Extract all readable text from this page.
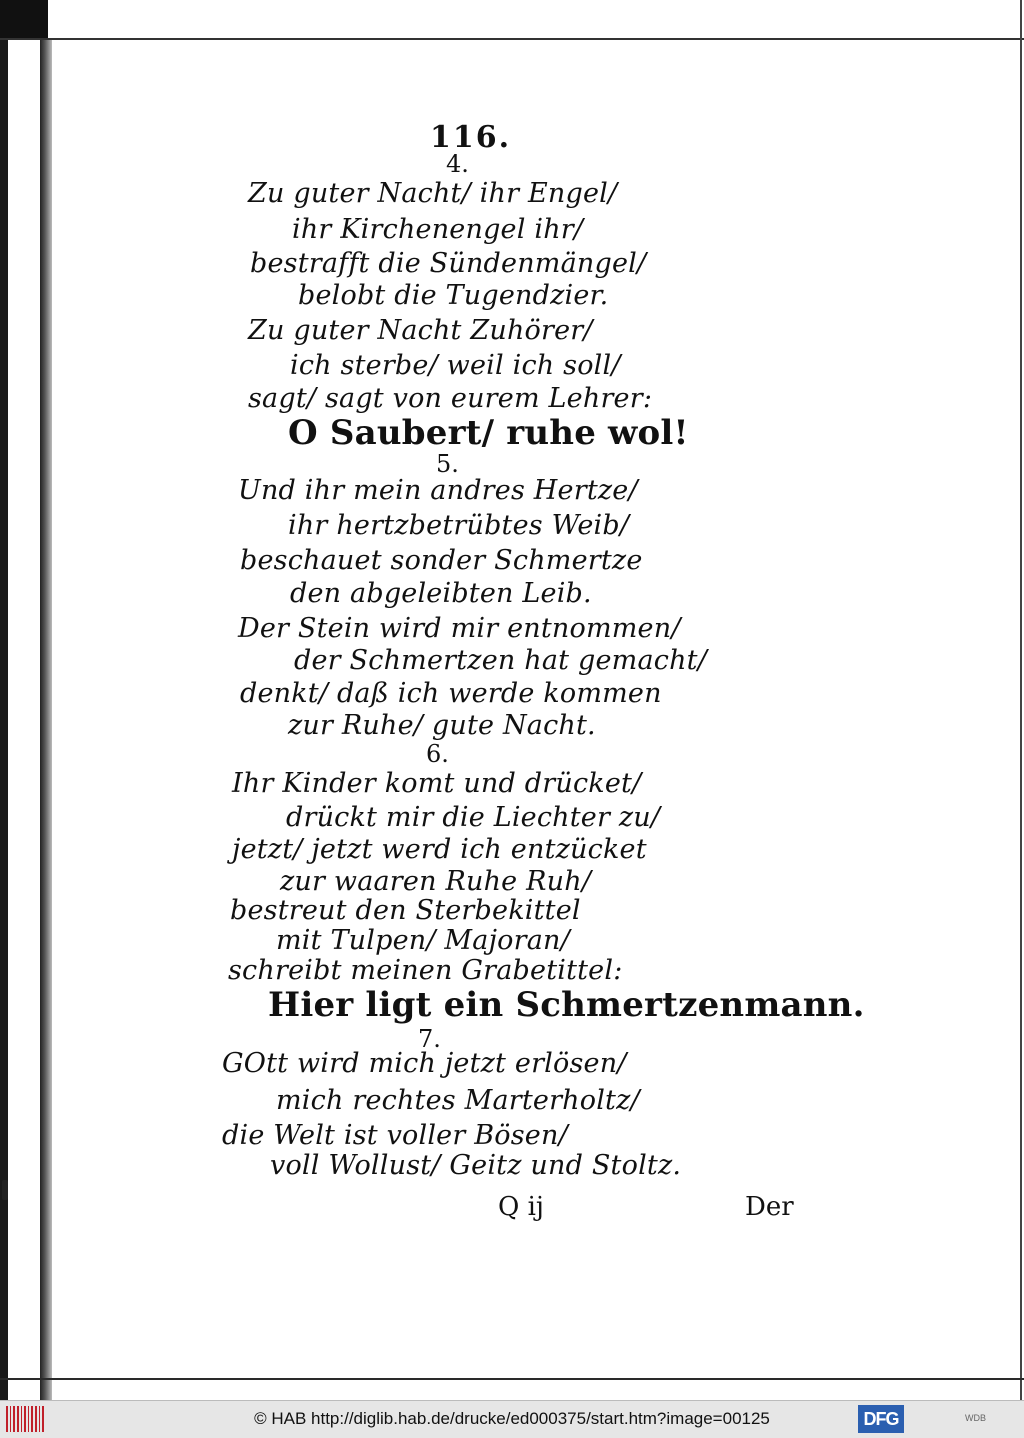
116.
4.
Zu guter Nacht/ ihr Engel/
ihr Kirchenengel ihr/
bestrafft die Sündenmängel/
belobt die Tugendzier.
Zu guter Nacht Zuhörer/
ich sterbe/ weil ich soll/
sagt/ sagt von eurem Lehrer:
O Saubert/ ruhe wol!
5.
Und ihr mein andres Hertze/
ihr hertzbetrübtes Weib/
beschauet sonder Schmertze
den abgeleibten Leib.
Der Stein wird mir entnommen/
der Schmertzen hat gemacht/
denkt/ daß ich werde kommen
zur Ruhe/ gute Nacht.
6.
Ihr Kinder komt und drücket/
drückt mir die Liechter zu/
jetzt/ jetzt werd ich entzücket
zur waaren Ruhe Ruh/
bestreut den Sterbekittel
mit Tulpen/ Majoran/
schreibt meinen Grabetittel:
Hier ligt ein Schmertzenmann.
7.
GOtt wird mich jetzt erlösen/
mich rechtes Marterholtz/
die Welt ist voller Bösen/
voll Wollust/ Geitz und Stoltz.
Q ij	Der
© HAB http://diglib.hab.de/drucke/ed000375/start.htm?image=00125	DFG	WDB
